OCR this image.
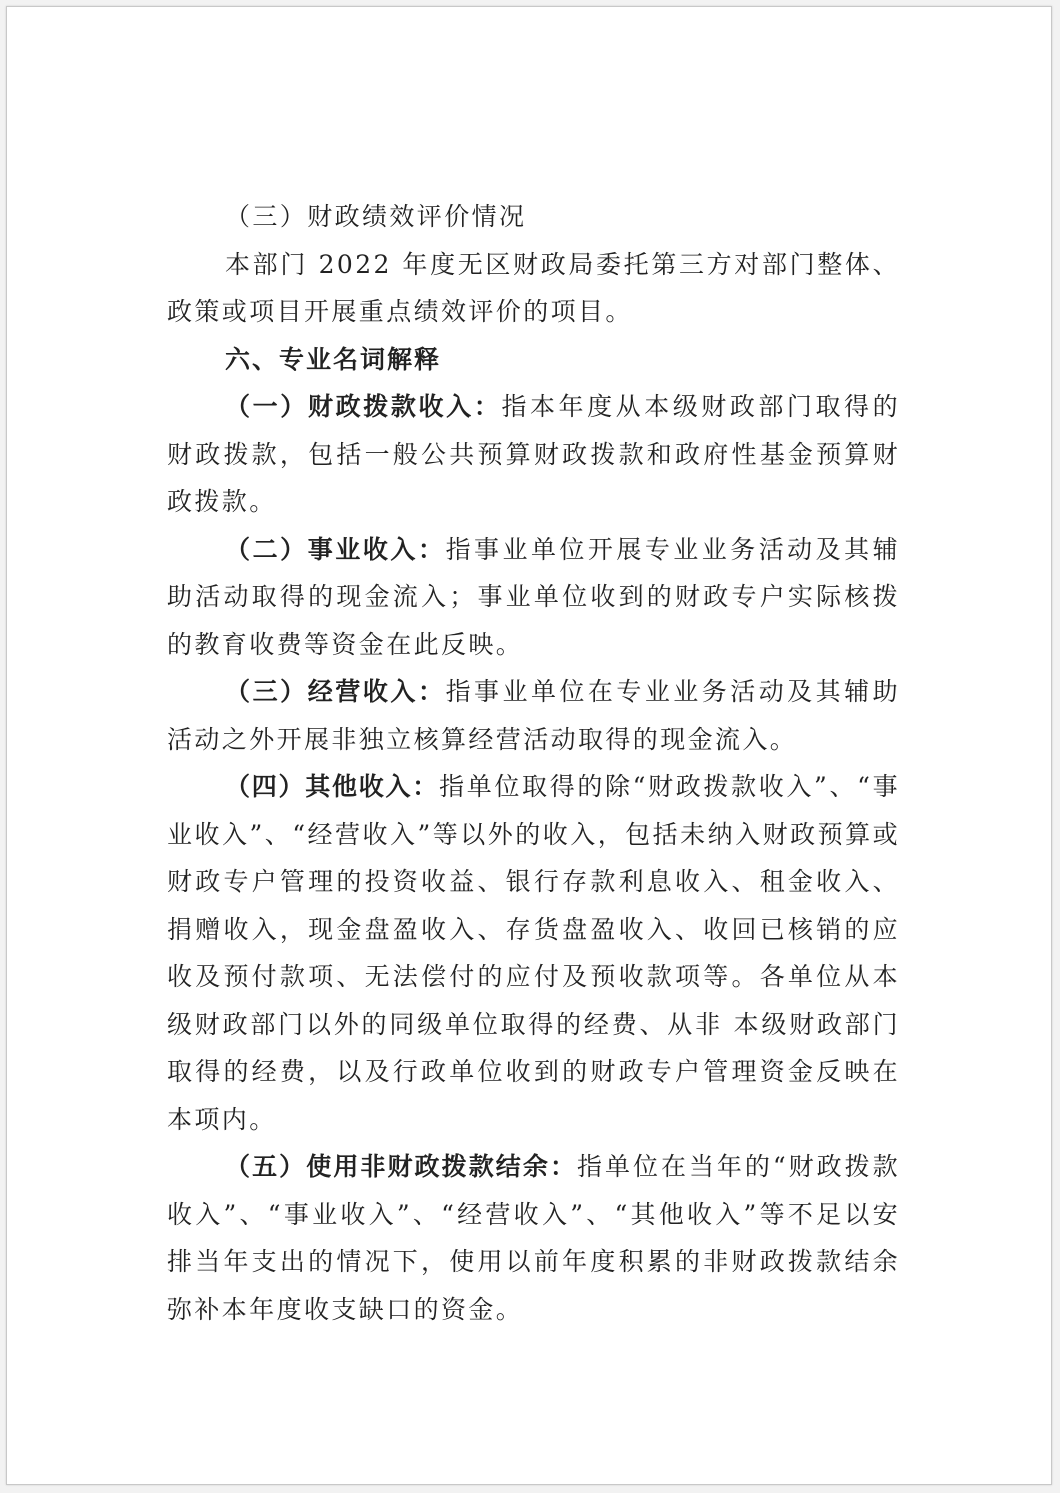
（三）财政绩效评价情况

本部门 2022 年度无区财政局委托第三方对部门整体、政策或项目开展重点绩效评价的项目。

六、专业名词解释

（一）财政拨款收入：指本年度从本级财政部门取得的财政拨款，包括一般公共预算财政拨款和政府性基金预算财政拨款。

（二）事业收入：指事业单位开展专业业务活动及其辅助活动取得的现金流入；事业单位收到的财政专户实际核拨的教育收费等资金在此反映。

（三）经营收入：指事业单位在专业业务活动及其辅助活动之外开展非独立核算经营活动取得的现金流入。

（四）其他收入：指单位取得的除“财政拨款收入”、“事业收入”、“经营收入”等以外的收入，包括未纳入财政预算或财政专户管理的投资收益、银行存款利息收入、租金收入、捐赠收入，现金盘盈收入、存货盘盈收入、收回已核销的应收及预付款项、无法偿付的应付及预收款项等。各单位从本级财政部门以外的同级单位取得的经费、从非 本级财政部门取得的经费，以及行政单位收到的财政专户管理资金反映在本项内。

（五）使用非财政拨款结余：指单位在当年的“财政拨款收入”、“事业收入”、“经营收入”、“其他收入”等不足以安排当年支出的情况下，使用以前年度积累的非财政拨款结余弥补本年度收支缺口的资金。
